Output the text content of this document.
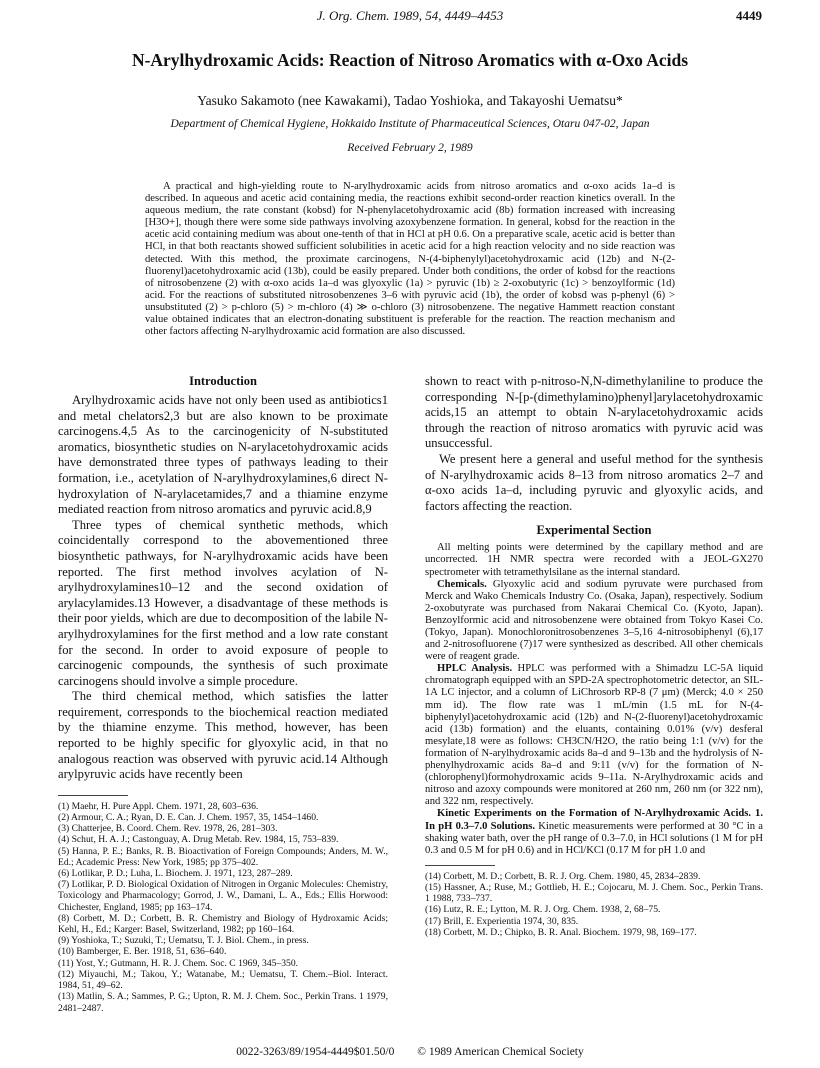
J. Org. Chem. 1989, 54, 4449–4453	4449
N-Arylhydroxamic Acids: Reaction of Nitroso Aromatics with α-Oxo Acids
Yasuko Sakamoto (nee Kawakami), Tadao Yoshioka, and Takayoshi Uematsu*
Department of Chemical Hygiene, Hokkaido Institute of Pharmaceutical Sciences, Otaru 047-02, Japan
Received February 2, 1989

A practical and high-yielding route to N-arylhydroxamic acids from nitroso aromatics and α-oxo acids 1a–d is described. In aqueous and acetic acid containing media, the reactions exhibit second-order reaction kinetics overall. In the aqueous medium, the rate constant (kobsd) for N-phenylacetohydroxamic acid (8b) formation increased with increasing [H3O+], though there were some side pathways involving azoxybenzene formation. In general, kobsd for the reaction in the acetic acid containing medium was about one-tenth of that in HCl at pH 0.6. On a preparative scale, acetic acid is better than HCl, in that both reactants showed sufficient solubilities in acetic acid for a high reaction velocity and no side reaction was detected. With this method, the proximate carcinogens, N-(4-biphenylyl)acetohydroxamic acid (12b) and N-(2-fluorenyl)acetohydroxamic acid (13b), could be easily prepared. Under both conditions, the order of kobsd for the reactions of nitrosobenzene (2) with α-oxo acids 1a–d was glyoxylic (1a) > pyruvic (1b) ≥ 2-oxobutyric (1c) > benzoylformic (1d) acid. For the reactions of substituted nitrosobenzenes 3–6 with pyruvic acid (1b), the order of kobsd was p-phenyl (6) > unsubstituted (2) > p-chloro (5) > m-chloro (4) ≫ o-chloro (3) nitrosobenzene. The negative Hammett reaction constant value obtained indicates that an electron-donating substituent is preferable for the reaction. The reaction mechanism and other factors affecting N-arylhydroxamic acid formation are also discussed.

Introduction

Arylhydroxamic acids have not only been used as antibiotics1 and metal chelators2,3 but are also known to be proximate carcinogens.4,5 As to the carcinogenicity of N-substituted aromatics, biosynthetic studies on N-arylacetohydroxamic acids have demonstrated three types of pathways leading to their formation, i.e., acetylation of N-arylhydroxylamines,6 direct N-hydroxylation of N-arylacetamides,7 and a thiamine enzyme mediated reaction from nitroso aromatics and pyruvic acid.8,9

Three types of chemical synthetic methods, which coincidentally correspond to the abovementioned three biosynthetic pathways, for N-arylhydroxamic acids have been reported. The first method involves acylation of N-arylhydroxylamines10–12 and the second oxidation of arylacylamides.13 However, a disadvantage of these methods is their poor yields, which are due to decomposition of the labile N-arylhydroxylamines for the first method and a low rate constant for the second. In order to avoid exposure of people to carcinogenic compounds, the synthesis of such proximate carcinogens should involve a simple procedure.

The third chemical method, which satisfies the latter requirement, corresponds to the biochemical reaction mediated by the thiamine enzyme. This method, however, has been reported to be highly specific for glyoxylic acid, in that no analogous reaction was observed with pyruvic acid.14 Although arylpyruvic acids have recently been

(1) Maehr, H. Pure Appl. Chem. 1971, 28, 603–636.

(2) Armour, C. A.; Ryan, D. E. Can. J. Chem. 1957, 35, 1454–1460.

(3) Chatterjee, B. Coord. Chem. Rev. 1978, 26, 281–303.

(4) Schut, H. A. J.; Castonguay, A. Drug Metab. Rev. 1984, 15, 753–839.

(5) Hanna, P. E.; Banks, R. B. Bioactivation of Foreign Compounds; Anders, M. W., Ed.; Academic Press: New York, 1985; pp 375–402.

(6) Lotlikar, P. D.; Luha, L. Biochem. J. 1971, 123, 287–289.

(7) Lotlikar, P. D. Biological Oxidation of Nitrogen in Organic Molecules: Chemistry, Toxicology and Pharmacology; Gorrod, J. W., Damani, L. A., Eds.; Ellis Horwood: Chichester, England, 1985; pp 163–174.

(8) Corbett, M. D.; Corbett, B. R. Chemistry and Biology of Hydroxamic Acids; Kehl, H., Ed.; Karger: Basel, Switzerland, 1982; pp 160–164.

(9) Yoshioka, T.; Suzuki, T.; Uematsu, T. J. Biol. Chem., in press.

(10) Bamberger, E. Ber. 1918, 51, 636–640.

(11) Yost, Y.; Gutmann, H. R. J. Chem. Soc. C 1969, 345–350.

(12) Miyauchi, M.; Takou, Y.; Watanabe, M.; Uematsu, T. Chem.–Biol. Interact. 1984, 51, 49–62.

(13) Matlin, S. A.; Sammes, P. G.; Upton, R. M. J. Chem. Soc., Perkin Trans. 1 1979, 2481–2487.

shown to react with p-nitroso-N,N-dimethylaniline to produce the corresponding N-[p-(dimethylamino)phenyl]arylacetohydroxamic acids,15 an attempt to obtain N-arylacetohydroxamic acids through the reaction of nitroso aromatics with pyruvic acid was unsuccessful.

We present here a general and useful method for the synthesis of N-arylhydroxamic acids 8–13 from nitroso aromatics 2–7 and α-oxo acids 1a–d, including pyruvic and glyoxylic acids, and factors affecting the reaction.

Experimental Section

All melting points were determined by the capillary method and are uncorrected. 1H NMR spectra were recorded with a JEOL-GX270 spectrometer with tetramethylsilane as the internal standard.

Chemicals. Glyoxylic acid and sodium pyruvate were purchased from Merck and Wako Chemicals Industry Co. (Osaka, Japan), respectively. Sodium 2-oxobutyrate was purchased from Nakarai Chemical Co. (Kyoto, Japan). Benzoylformic acid and nitrosobenzene were obtained from Tokyo Kasei Co. (Tokyo, Japan). Monochloronitrosobenzenes 3–5,16 4-nitrosobiphenyl (6),17 and 2-nitrosofluorene (7)17 were synthesized as described. All other chemicals were of reagent grade.

HPLC Analysis. HPLC was performed with a Shimadzu LC-5A liquid chromatograph equipped with an SPD-2A spectrophotometric detector, an SIL-1A LC injector, and a column of LiChrosorb RP-8 (7 μm) (Merck; 4.0 × 250 mm id). The flow rate was 1 mL/min (1.5 mL for N-(4-biphenylyl)acetohydroxamic acid (12b) and N-(2-fluorenyl)acetohydroxamic acid (13b) formation) and the eluants, containing 0.01% (v/v) desferal mesylate,18 were as follows: CH3CN/H2O, the ratio being 1:1 (v/v) for the formation of N-arylhydroxamic acids 8a–d and 9–13b and the hydrolysis of N-phenylhydroxamic acids 8a–d and 9:11 (v/v) for the formation of N-(chlorophenyl)formohydroxamic acids 9–11a. N-Arylhydroxamic acids and nitroso and azoxy compounds were monitored at 260 nm, 260 nm (or 322 nm), and 322 nm, respectively.

Kinetic Experiments on the Formation of N-Arylhydroxamic Acids. 1. In pH 0.3–7.0 Solutions. Kinetic measurements were performed at 30 °C in a shaking water bath, over the pH range of 0.3–7.0, in HCl solutions (1 M for pH 0.3 and 0.5 M for pH 0.6) and in HCl/KCl (0.17 M for pH 1.0 and

(14) Corbett, M. D.; Corbett, B. R. J. Org. Chem. 1980, 45, 2834–2839.

(15) Hassner, A.; Ruse, M.; Gottlieb, H. E.; Cojocaru, M. J. Chem. Soc., Perkin Trans. 1 1988, 733–737.

(16) Lutz, R. E.; Lytton, M. R. J. Org. Chem. 1938, 2, 68–75.

(17) Brill, E. Experientia 1974, 30, 835.

(18) Corbett, M. D.; Chipko, B. R. Anal. Biochem. 1979, 98, 169–177.

0022-3263/89/1954-4449$01.50/0 © 1989 American Chemical Society
